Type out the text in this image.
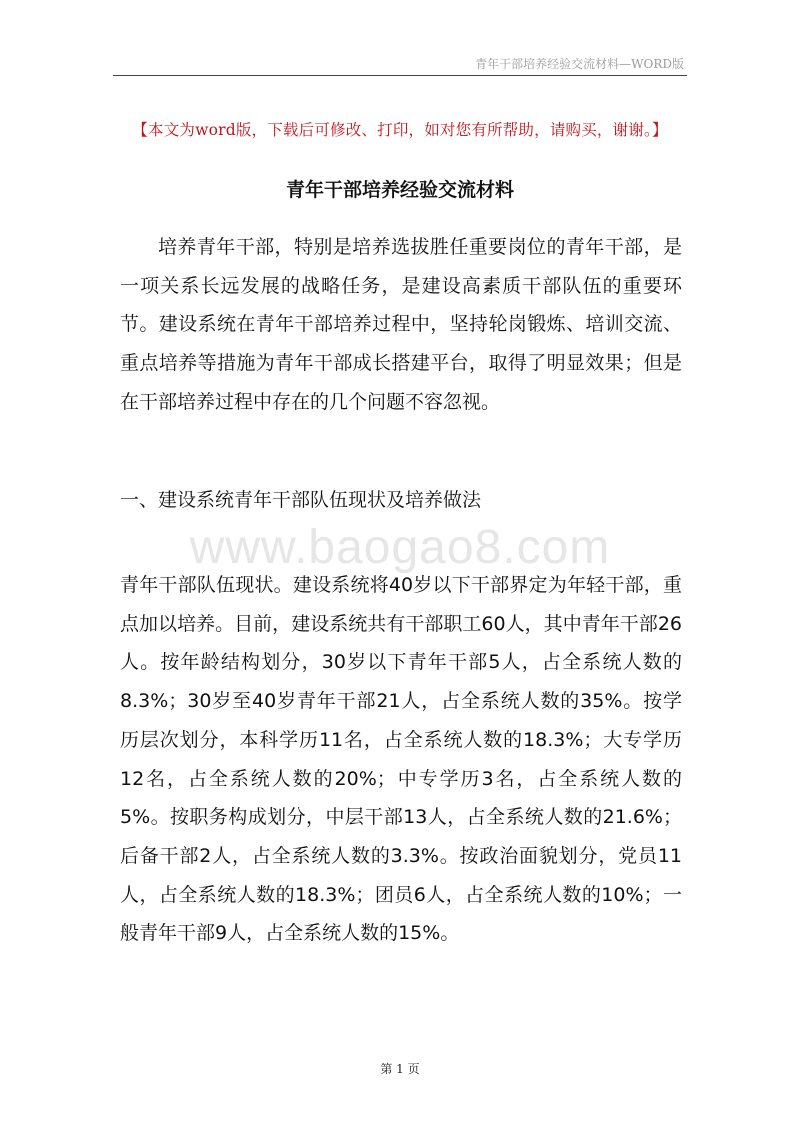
青年干部培养经验交流材料—WORD版
【本文为word版，下载后可修改、打印，如对您有所帮助，请购买，谢谢。】
青年干部培养经验交流材料

培养青年干部，特别是培养选拔胜任重要岗位的青年干部，是一项关系长远发展的战略任务，是建设高素质干部队伍的重要环节。建设系统在青年干部培养过程中，坚持轮岗锻炼、培训交流、重点培养等措施为青年干部成长搭建平台，取得了明显效果；但是在干部培养过程中存在的几个问题不容忽视。

一、建设系统青年干部队伍现状及培养做法
www.baogao8.com

青年干部队伍现状。建设系统将40岁以下干部界定为年轻干部，重点加以培养。目前，建设系统共有干部职工60人，其中青年干部26人。按年龄结构划分，30岁以下青年干部5人，占全系统人数的8.3%；30岁至40岁青年干部21人，占全系统人数的35%。按学历层次划分，本科学历11名，占全系统人数的18.3%；大专学历12名，占全系统人数的20%；中专学历3名，占全系统人数的5%。按职务构成划分，中层干部13人，占全系统人数的21.6%；后备干部2人，占全系统人数的3.3%。按政治面貌划分，党员11人，占全系统人数的18.3%；团员6人，占全系统人数的10%；一般青年干部9人，占全系统人数的15%。

第 1 页
